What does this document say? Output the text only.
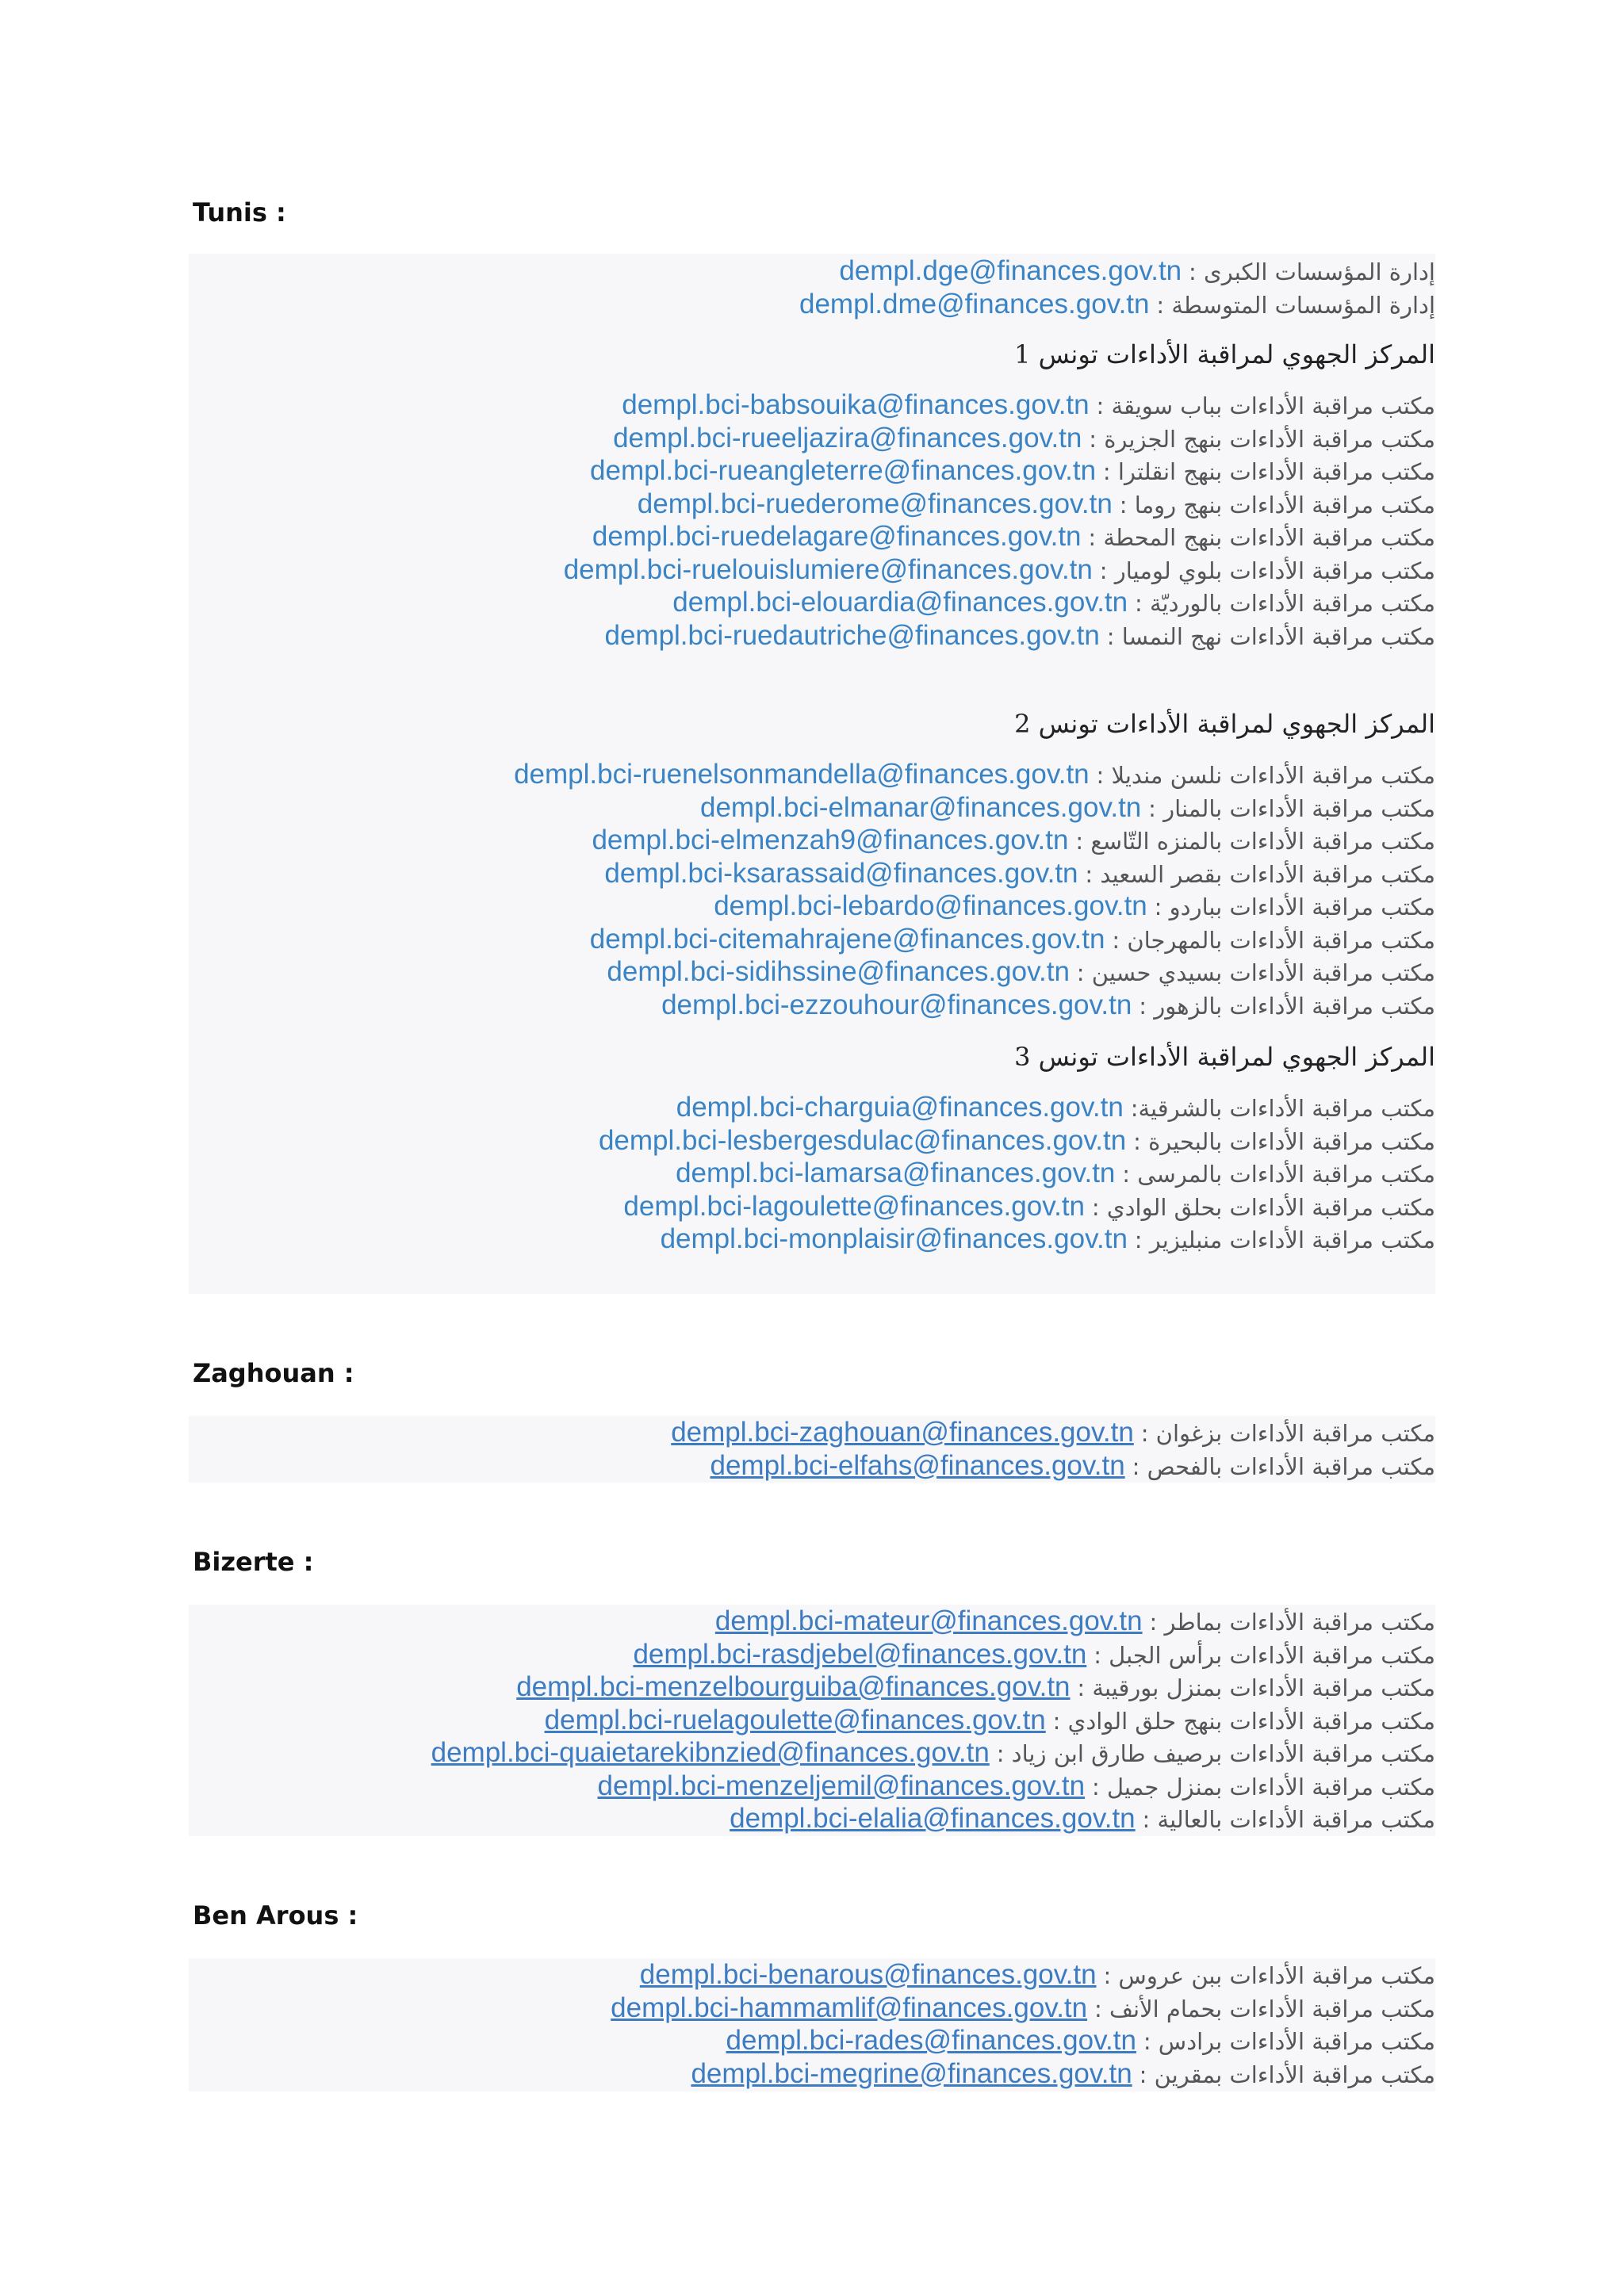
Tunis :
إدارة المؤسسات الكبرى : dempl.dge@finances.gov.tn
إدارة المؤسسات المتوسطة : dempl.dme@finances.gov.tn
المركز الجهوي لمراقبة الأداءات تونس 1
مكتب مراقبة الأداءات بباب سويقة : dempl.bci-babsouika@finances.gov.tn
مكتب مراقبة الأداءات بنهج الجزيرة : dempl.bci-rueeljazira@finances.gov.tn
مكتب مراقبة الأداءات بنهج انقلترا : dempl.bci-rueangleterre@finances.gov.tn
مكتب مراقبة الأداءات بنهج روما : dempl.bci-ruederome@finances.gov.tn
مكتب مراقبة الأداءات بنهج المحطة : dempl.bci-ruedelagare@finances.gov.tn
مكتب مراقبة الأداءات بلوي لوميار : dempl.bci-ruelouislumiere@finances.gov.tn
مكتب مراقبة الأداءات بالورديّة : dempl.bci-elouardia@finances.gov.tn
مكتب مراقبة الأداءات نهج النمسا : dempl.bci-ruedautriche@finances.gov.tn
المركز الجهوي لمراقبة الأداءات تونس 2
مكتب مراقبة الأداءات نلسن منديلا : dempl.bci-ruenelsonmandella@finances.gov.tn
مكتب مراقبة الأداءات بالمنار : dempl.bci-elmanar@finances.gov.tn
مكتب مراقبة الأداءات بالمنزه التّاسع : dempl.bci-elmenzah9@finances.gov.tn
مكتب مراقبة الأداءات بقصر السعيد : dempl.bci-ksarassaid@finances.gov.tn
مكتب مراقبة الأداءات بباردو : dempl.bci-lebardo@finances.gov.tn
مكتب مراقبة الأداءات بالمهرجان : dempl.bci-citemahrajene@finances.gov.tn
مكتب مراقبة الأداءات بسيدي حسين : dempl.bci-sidihssine@finances.gov.tn
مكتب مراقبة الأداءات بالزهور : dempl.bci-ezzouhour@finances.gov.tn
المركز الجهوي لمراقبة الأداءات تونس 3
مكتب مراقبة الأداءات بالشرقية: dempl.bci-charguia@finances.gov.tn
مكتب مراقبة الأداءات بالبحيرة : dempl.bci-lesbergesdulac@finances.gov.tn
مكتب مراقبة الأداءات بالمرسى : dempl.bci-lamarsa@finances.gov.tn
مكتب مراقبة الأداءات بحلق الوادي : dempl.bci-lagoulette@finances.gov.tn
مكتب مراقبة الأداءات منبليزير : dempl.bci-monplaisir@finances.gov.tn
Zaghouan :
مكتب مراقبة الأداءات بزغوان : dempl.bci-zaghouan@finances.gov.tn
مكتب مراقبة الأداءات بالفحص : dempl.bci-elfahs@finances.gov.tn
Bizerte :
مكتب مراقبة الأداءات بماطر : dempl.bci-mateur@finances.gov.tn
مكتب مراقبة الأداءات برأس الجبل : dempl.bci-rasdjebel@finances.gov.tn
مكتب مراقبة الأداءات بمنزل بورقيبة : dempl.bci-menzelbourguiba@finances.gov.tn
مكتب مراقبة الأداءات بنهج حلق الوادي : dempl.bci-ruelagoulette@finances.gov.tn
مكتب مراقبة الأداءات برصيف طارق ابن زياد : dempl.bci-quaietarekibnzied@finances.gov.tn
مكتب مراقبة الأداءات بمنزل جميل : dempl.bci-menzeljemil@finances.gov.tn
مكتب مراقبة الأداءات بالعالية : dempl.bci-elalia@finances.gov.tn
Ben Arous :
مكتب مراقبة الأداءات ببن عروس : dempl.bci-benarous@finances.gov.tn
مكتب مراقبة الأداءات بحمام الأنف : dempl.bci-hammamlif@finances.gov.tn
مكتب مراقبة الأداءات برادس : dempl.bci-rades@finances.gov.tn
مكتب مراقبة الأداءات بمقرين : dempl.bci-megrine@finances.gov.tn
